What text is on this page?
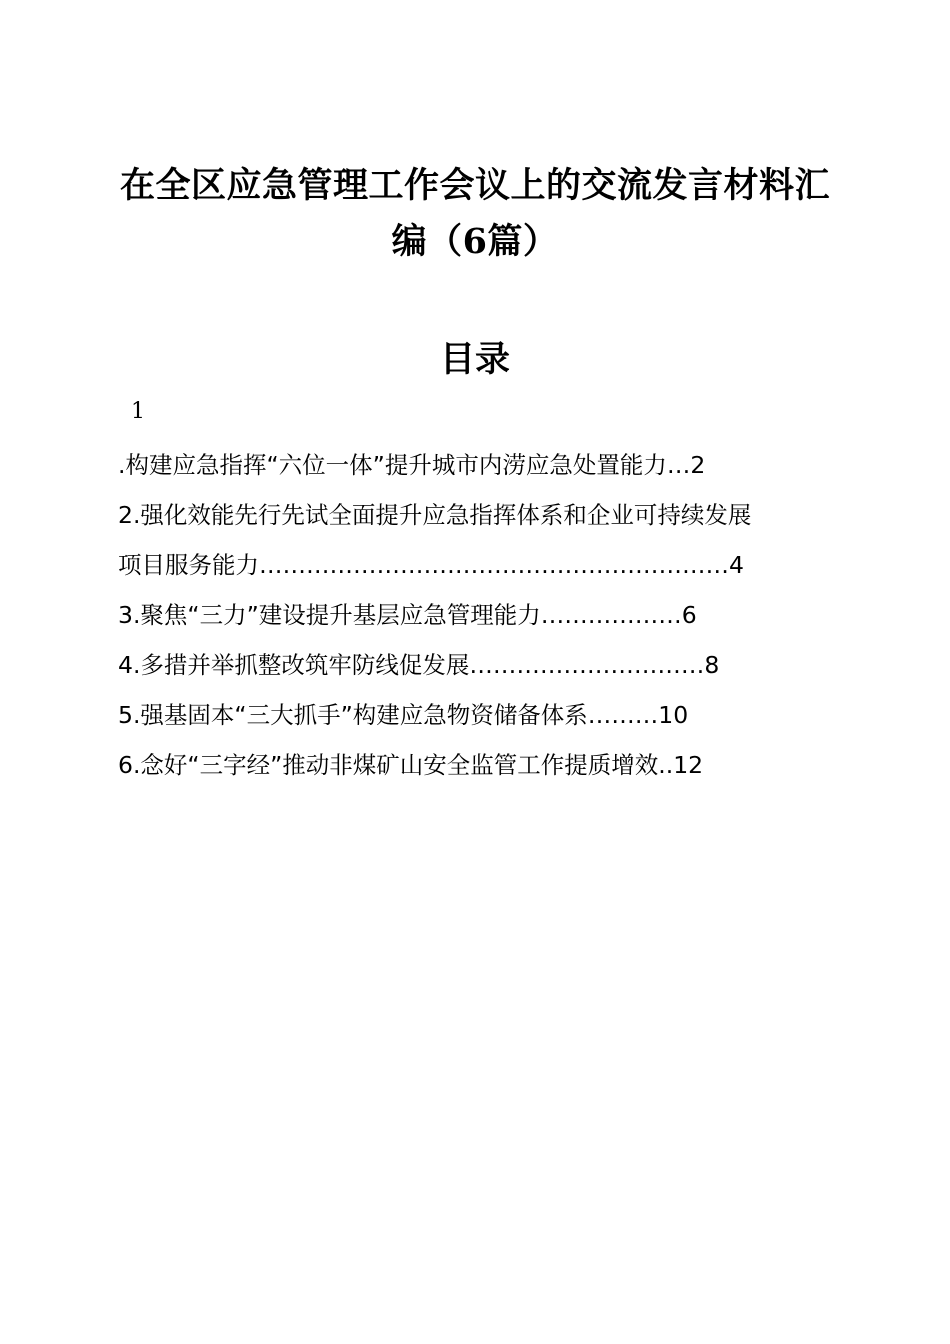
在全区应急管理工作会议上的交流发言材料汇
编（6篇）
目录
1
.构建应急指挥“六位一体”提升城市内涝应急处置能力…2
2.强化效能先行先试全面提升应急指挥体系和企业可持续发展
项目服务能力……………………………………………………4
3.聚焦“三力”建设提升基层应急管理能力………………6
4.多措并举抓整改筑牢防线促发展…………………………8
5.强基固本“三大抓手”构建应急物资储备体系………10
6.念好“三字经”推动非煤矿山安全监管工作提质增效..12
